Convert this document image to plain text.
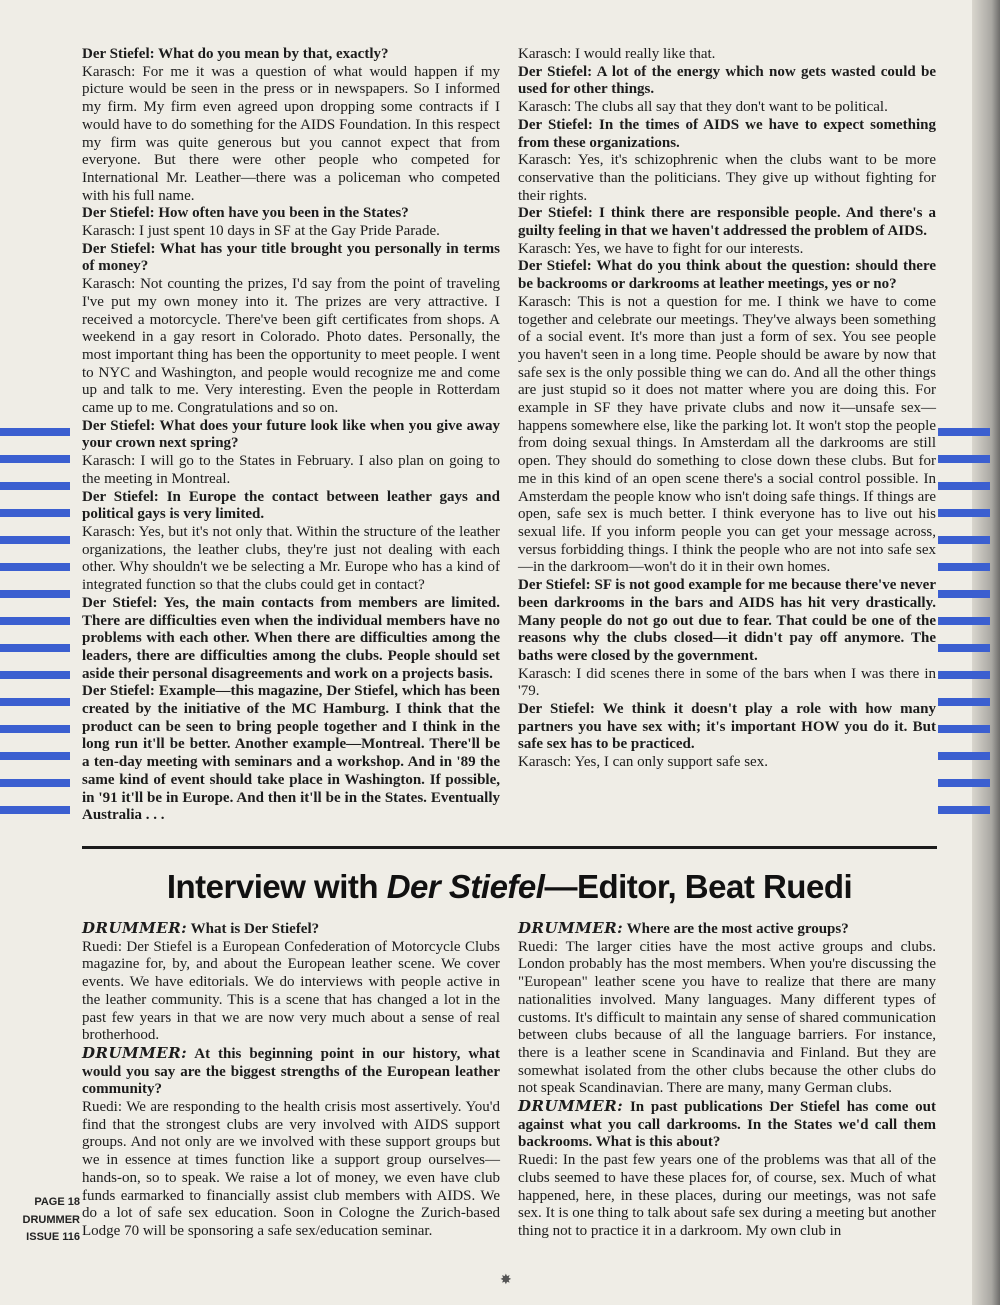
Der Stiefel: What do you mean by that, exactly?

Karasch: For me it was a question of what would happen if my picture would be seen in the press or in newspapers. So I informed my firm. My firm even agreed upon dropping some contracts if I would have to do something for the AIDS Foundation. In this respect my firm was quite generous but you cannot expect that from everyone. But there were other people who competed for International Mr. Leather—there was a policeman who competed with his full name.

Der Stiefel: How often have you been in the States?

Karasch: I just spent 10 days in SF at the Gay Pride Parade.

Der Stiefel: What has your title brought you personally in terms of money?

Karasch: Not counting the prizes, I'd say from the point of traveling I've put my own money into it. The prizes are very attractive. I received a motorcycle. There've been gift certificates from shops. A weekend in a gay resort in Colorado. Photo dates. Personally, the most important thing has been the opportunity to meet people. I went to NYC and Washington, and people would recognize me and come up and talk to me. Very interesting. Even the people in Rotterdam came up to me. Congratulations and so on.

Der Stiefel: What does your future look like when you give away your crown next spring?

Karasch: I will go to the States in February. I also plan on going to the meeting in Montreal.

Der Stiefel: In Europe the contact between leather gays and political gays is very limited.

Karasch: Yes, but it's not only that. Within the structure of the leather organizations, the leather clubs, they're just not dealing with each other. Why shouldn't we be selecting a Mr. Europe who has a kind of integrated function so that the clubs could get in contact?

Der Stiefel: Yes, the main contacts from members are limited. There are difficulties even when the individual members have no problems with each other. When there are difficulties among the leaders, there are difficulties among the clubs. People should set aside their personal disagreements and work on a projects basis.

Der Stiefel: Example—this magazine, Der Stiefel, which has been created by the initiative of the MC Hamburg. I think that the product can be seen to bring people together and I think in the long run it'll be better. Another example—Montreal. There'll be a ten-day meeting with seminars and a workshop. And in '89 the same kind of event should take place in Washington. If possible, in '91 it'll be in Europe. And then it'll be in the States. Eventually Australia . . .

Karasch: I would really like that.

Der Stiefel: A lot of the energy which now gets wasted could be used for other things.

Karasch: The clubs all say that they don't want to be political.

Der Stiefel: In the times of AIDS we have to expect something from these organizations.

Karasch: Yes, it's schizophrenic when the clubs want to be more conservative than the politicians. They give up without fighting for their rights.

Der Stiefel: I think there are responsible people. And there's a guilty feeling in that we haven't addressed the problem of AIDS.

Karasch: Yes, we have to fight for our interests.

Der Stiefel: What do you think about the question: should there be backrooms or darkrooms at leather meetings, yes or no?

Karasch: This is not a question for me. I think we have to come together and celebrate our meetings. They've always been something of a social event. It's more than just a form of sex. You see people you haven't seen in a long time. People should be aware by now that safe sex is the only possible thing we can do. And all the other things are just stupid so it does not matter where you are doing this. For example in SF they have private clubs and now it—unsafe sex—happens somewhere else, like the parking lot. It won't stop the people from doing sexual things. In Amsterdam all the darkrooms are still open. They should do something to close down these clubs. But for me in this kind of an open scene there's a social control possible. In Amsterdam the people know who isn't doing safe things. If things are open, safe sex is much better. I think everyone has to live out his sexual life. If you inform people you can get your message across, versus forbidding things. I think the people who are not into safe sex—in the darkroom—won't do it in their own homes.

Der Stiefel: SF is not good example for me because there've never been darkrooms in the bars and AIDS has hit very drastically. Many people do not go out due to fear. That could be one of the reasons why the clubs closed—it didn't pay off anymore. The baths were closed by the government.

Karasch: I did scenes there in some of the bars when I was there in '79.

Der Stiefel: We think it doesn't play a role with how many partners you have sex with; it's important HOW you do it. But safe sex has to be practiced.

Karasch: Yes, I can only support safe sex.

Interview with Der Stiefel—Editor, Beat Ruedi

DRUMMER: What is Der Stiefel?

Ruedi: Der Stiefel is a European Confederation of Motorcycle Clubs magazine for, by, and about the European leather scene. We cover events. We have editorials. We do interviews with people active in the leather community. This is a scene that has changed a lot in the past few years in that we are now very much about a sense of real brotherhood.

DRUMMER: At this beginning point in our history, what would you say are the biggest strengths of the European leather community?

Ruedi: We are responding to the health crisis most assertively. You'd find that the strongest clubs are very involved with AIDS support groups. And not only are we involved with these support groups but we in essence at times function like a support group ourselves—hands-on, so to speak. We raise a lot of money, we even have club funds earmarked to financially assist club members with AIDS. We do a lot of safe sex education. Soon in Cologne the Zurich-based Lodge 70 will be sponsoring a safe sex/education seminar.

DRUMMER: Where are the most active groups?

Ruedi: The larger cities have the most active groups and clubs. London probably has the most members. When you're discussing the "European" leather scene you have to realize that there are many nationalities involved. Many languages. Many different types of customs. It's difficult to maintain any sense of shared communication between clubs because of all the language barriers. For instance, there is a leather scene in Scandinavia and Finland. But they are somewhat isolated from the other clubs because the other clubs do not speak Scandinavian. There are many, many German clubs.

DRUMMER: In past publications Der Stiefel has come out against what you call darkrooms. In the States we'd call them backrooms. What is this about?

Ruedi: In the past few years one of the problems was that all of the clubs seemed to have these places for, of course, sex. Much of what happened, here, in these places, during our meetings, was not safe sex. It is one thing to talk about safe sex during a meeting but another thing not to practice it in a darkroom. My own club in

PAGE 18
DRUMMER
ISSUE 116
✸
